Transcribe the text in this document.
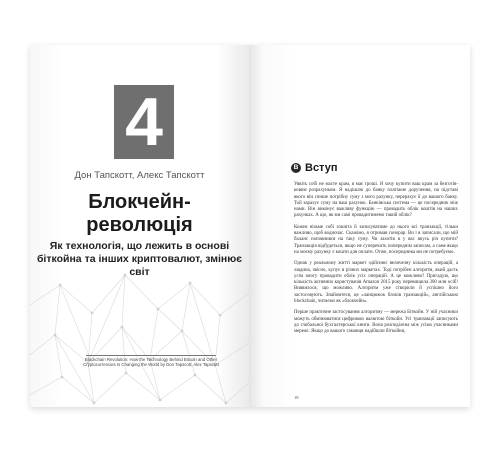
4
Дон Тапскотт, Алекс Тапскотт
Блокчейн-
революція
Як технологія, що лежить в основі біткойна та інших криптовалют, змінює світ
Blockchain Revolution: How the Technology Behind Bitcoin and Other Cryptocurrencies Is Changing the World by Don Tapscott, Alex Tapscott
B Вступ

Уявіть собі не масте крам, я має гроші. Я хочу купити ваш крам за безготів-ковим розрахунком. Я надішлю до банку платіжне доручення, на підставі якого він спише потрібну суму з мого рахунку, перерахує її до вашого банку. Той зарахує суму на ваш рахунок. Банківська система — це посередник між нами. Він виконує важливу функцію — провадить облік коштів на наших рахунках. А що, як ми самі провадитимемо такий облік?

Кожен візьме собі зошита й записуватиме до нього всі транзакції, тільки важливо, щоб водночас. Скажімо, я отримав гонорар. Ви і я записали, що мій баланс поповнився на таку суму. Чи захотів я у вас якусь річ купити? Транзакція відбудеться, якщо не суперечить попереднім записам, а саме якщо на моєму рахунку є кошти для оплати. Отже, посередника ми не потребуємо.

Однак у реальному житті маркет здійснює величезну кількість операцій, а людина, звісно, купує в різних маркетах. Тоді потрібен алгоритм, який дасть усім змогу провадити облік усіх операцій. А це можливо? Пригадую, що кількість активних користувачів Amazon 2015 року перевищила 300 млн осіб! Виявилося, що можливо. Алгоритм уже створили й успішно його застосовують. Знайомтеся, це «ланцюжок блоків транзакцій», англійською blockchain, читаємо як «блокчейн».

Перше практичне застосування алгоритму — мережа Біткойн. У ній учасники можуть обмінюватися цифровою валютою біткойн. Усі транзакції записують до глобальної бухгалтерської книги. Вона розподілена між усіма учасниками мережі. Якщо до вашого гаманця надійшли біткойни,

18
